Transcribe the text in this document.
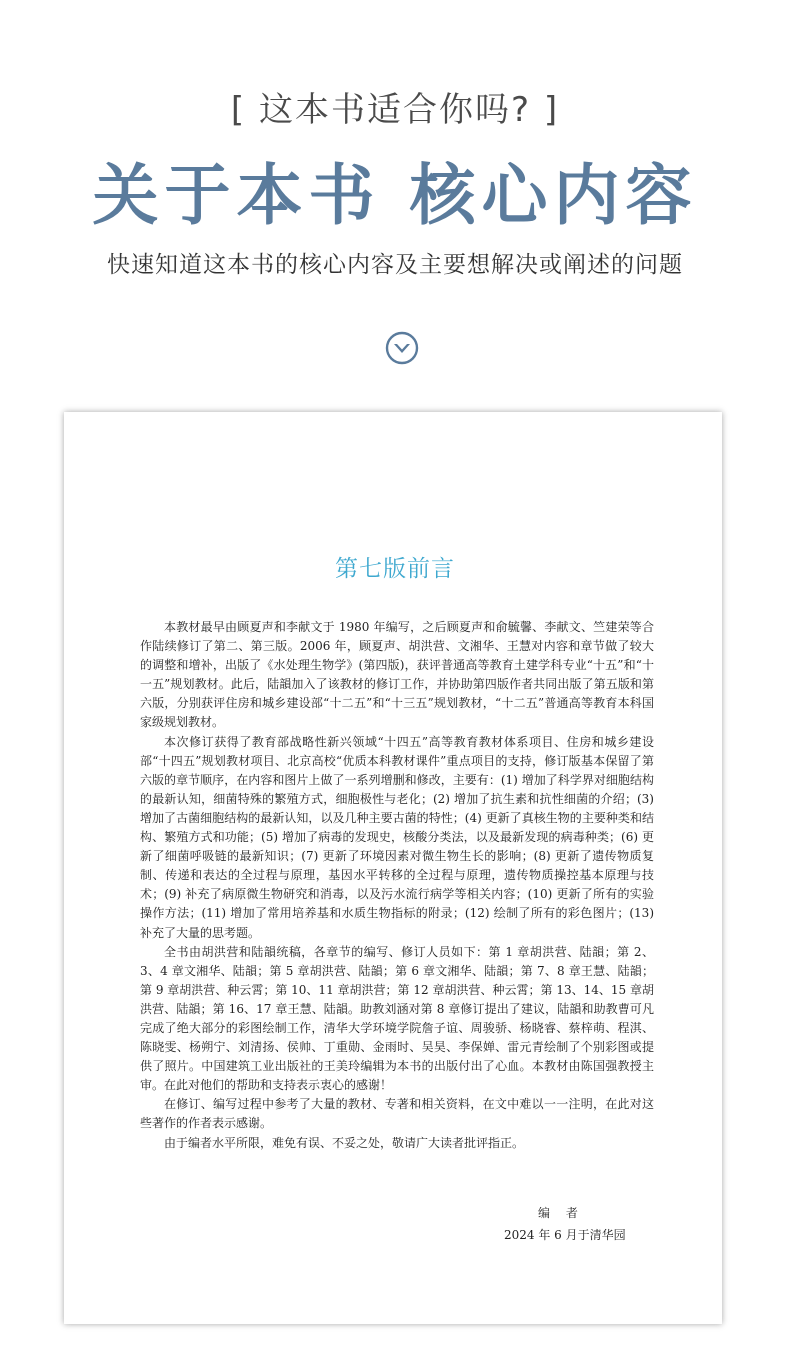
[ 这本书适合你吗? ]
关于本书 核心内容
快速知道这本书的核心内容及主要想解决或阐述的问题
第七版前言

本教材最早由顾夏声和李献文于 1980 年编写，之后顾夏声和俞毓馨、李献文、竺建荣等合作陆续修订了第二、第三版。2006 年，顾夏声、胡洪营、文湘华、王慧对内容和章节做了较大的调整和增补，出版了《水处理生物学》(第四版)，获评普通高等教育土建学科专业“十五”和“十一五”规划教材。此后，陆韻加入了该教材的修订工作，并协助第四版作者共同出版了第五版和第六版，分别获评住房和城乡建设部“十二五”和“十三五”规划教材，“十二五”普通高等教育本科国家级规划教材。

本次修订获得了教育部战略性新兴领域“十四五”高等教育教材体系项目、住房和城乡建设部“十四五”规划教材项目、北京高校“优质本科教材课件”重点项目的支持，修订版基本保留了第六版的章节顺序，在内容和图片上做了一系列增删和修改，主要有：(1) 增加了科学界对细胞结构的最新认知，细菌特殊的繁殖方式，细胞极性与老化；(2) 增加了抗生素和抗性细菌的介绍；(3) 增加了古菌细胞结构的最新认知，以及几种主要古菌的特性；(4) 更新了真核生物的主要种类和结构、繁殖方式和功能；(5) 增加了病毒的发现史，核酸分类法，以及最新发现的病毒种类；(6) 更新了细菌呼吸链的最新知识；(7) 更新了环境因素对微生物生长的影响；(8) 更新了遗传物质复制、传递和表达的全过程与原理，基因水平转移的全过程与原理，遗传物质操控基本原理与技术；(9) 补充了病原微生物研究和消毒，以及污水流行病学等相关内容；(10) 更新了所有的实验操作方法；(11) 增加了常用培养基和水质生物指标的附录；(12) 绘制了所有的彩色图片；(13) 补充了大量的思考题。

全书由胡洪营和陆韻统稿，各章节的编写、修订人员如下：第 1 章胡洪营、陆韻；第 2、3、4 章文湘华、陆韻；第 5 章胡洪营、陆韻；第 6 章文湘华、陆韻；第 7、8 章王慧、陆韻；第 9 章胡洪营、种云霄；第 10、11 章胡洪营；第 12 章胡洪营、种云霄；第 13、14、15 章胡洪营、陆韻；第 16、17 章王慧、陆韻。助教刘涵对第 8 章修订提出了建议，陆韻和助教曹可凡完成了绝大部分的彩图绘制工作，清华大学环境学院詹子谊、周骏骄、杨晓睿、蔡梓萌、程淇、陈晓雯、杨朔宁、刘清扬、侯帅、丁重勋、金雨时、吴昊、李保婵、雷元青绘制了个别彩图或提供了照片。中国建筑工业出版社的王美玲编辑为本书的出版付出了心血。本教材由陈国强教授主审。在此对他们的帮助和支持表示衷心的感谢！

在修订、编写过程中参考了大量的教材、专著和相关资料，在文中难以一一注明，在此对这些著作的作者表示感谢。

由于编者水平所限，难免有误、不妥之处，敬请广大读者批评指正。

编 者
2024 年 6 月于清华园
